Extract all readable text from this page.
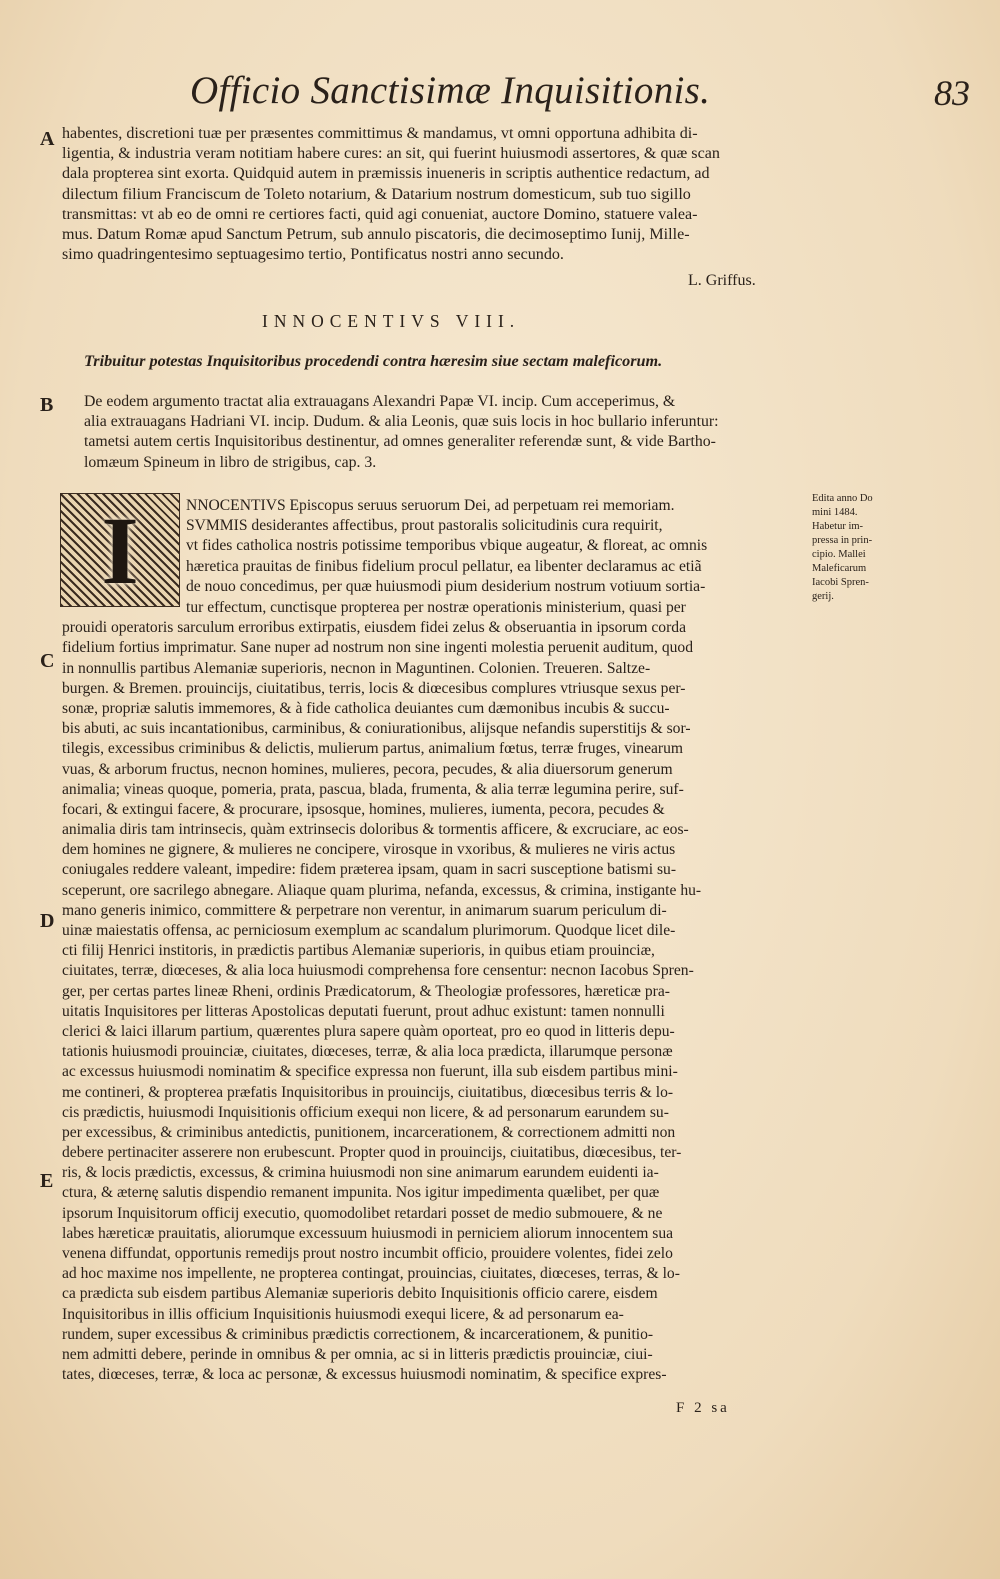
Officio Sanctisimæ Inquisitionis.	83
A habentes, discretioni tuæ per præsentes committimus & mandamus, vt omni opportuna adhibita di-
ligentia, & industria veram notitiam habere cures: an sit, qui fuerint huiusmodi assertores, & quæ scan
dala propterea sint exorta. Quidquid autem in præmissis inueneris in scriptis authentice redactum, ad
dilectum filium Franciscum de Toleto notarium, & Datarium nostrum domesticum, sub tuo sigillo
transmittas: vt ab eo de omni re certiores facti, quid agi conueniat, auctore Domino, statuere valea-
mus. Datum Romæ apud Sanctum Petrum, sub annulo piscatoris, die decimoseptimo Iunij, Mille-
simo quadringentesimo septuagesimo tertio, Pontificatus nostri anno secundo.
L. Griffus.
INNOCENTIVS VIII.
Tribuitur potestas Inquisitoribus procedendi contra hæresim siue sectam maleficorum.
B De eodem argumento tractat alia extrauagans Alexandri Papæ VI. incip. Cum acceperimus, &
alia extrauagans Hadriani VI. incip. Dudum. & alia Leonis, quæ suis locis in hoc bullario inferuntur:
tametsi autem certis Inquisitoribus destinentur, ad omnes generaliter referendæ sunt, & vide Bartho-
lomæum Spineum in libro de strigibus, cap. 3.
I	NNOCENTIVS Episcopus seruus seruorum Dei, ad perpetuam rei memoriam.
SVMMIS desiderantes affectibus, prout pastoralis solicitudinis cura requirit,
vt fides catholica nostris potissime temporibus vbique augeatur, & floreat, ac omnis
hæretica prauitas de finibus fidelium procul pellatur, ea libenter declaramus ac etiã
de nouo concedimus, per quæ huiusmodi pium desiderium nostrum votiuum sortia-
Edita anno Do
mini 1484.
Habetur im-
pressa in prin-
cipio. Mallei
Maleficarum
Iacobi Spren-
gerij.
C
D
E
tur effectum, cunctisque propterea per nostræ operationis ministerium, quasi per
prouidi operatoris sarculum erroribus extirpatis, eiusdem fidei zelus & obseruantia in ipsorum corda
fidelium fortius imprimatur. Sane nuper ad nostrum non sine ingenti molestia peruenit auditum, quod
in nonnullis partibus Alemaniæ superioris, necnon in Maguntinen. Colonien. Treueren. Saltze-
burgen. & Bremen. prouincijs, ciuitatibus, terris, locis & diœcesibus complures vtriusque sexus per-
sonæ, propriæ salutis immemores, & à fide catholica deuiantes cum dæmonibus incubis & succu-
bis abuti, ac suis incantationibus, carminibus, & coniurationibus, alijsque nefandis superstitijs & sor-
tilegis, excessibus criminibus & delictis, mulierum partus, animalium fœtus, terræ fruges, vinearum
vuas, & arborum fructus, necnon homines, mulieres, pecora, pecudes, & alia diuersorum generum
animalia; vineas quoque, pomeria, prata, pascua, blada, frumenta, & alia terræ legumina perire, suf-
focari, & extingui facere, & procurare, ipsosque, homines, mulieres, iumenta, pecora, pecudes &
animalia diris tam intrinsecis, quàm extrinsecis doloribus & tormentis afficere, & excruciare, ac eos-
dem homines ne gignere, & mulieres ne concipere, virosque in vxoribus, & mulieres ne viris actus
coniugales reddere valeant, impedire: fidem præterea ipsam, quam in sacri susceptione batismi su-
sceperunt, ore sacrilego abnegare. Aliaque quam plurima, nefanda, excessus, & crimina, instigante hu-
mano generis inimico, committere & perpetrare non verentur, in animarum suarum periculum di-
uinæ maiestatis offensa, ac perniciosum exemplum ac scandalum plurimorum. Quodque licet dile-
cti filij Henrici institoris, in prædictis partibus Alemaniæ superioris, in quibus etiam prouinciæ,
ciuitates, terræ, diœceses, & alia loca huiusmodi comprehensa fore censentur: necnon Iacobus Spren-
ger, per certas partes lineæ Rheni, ordinis Prædicatorum, & Theologiæ professores, hæreticæ pra-
uitatis Inquisitores per litteras Apostolicas deputati fuerunt, prout adhuc existunt: tamen nonnulli
clerici & laici illarum partium, quærentes plura sapere quàm oporteat, pro eo quod in litteris depu-
tationis huiusmodi prouinciæ, ciuitates, diœceses, terræ, & alia loca prædicta, illarumque personæ
ac excessus huiusmodi nominatim & specifice expressa non fuerunt, illa sub eisdem partibus mini-
me contineri, & propterea præfatis Inquisitoribus in prouincijs, ciuitatibus, diœcesibus terris & lo-
cis prædictis, huiusmodi Inquisitionis officium exequi non licere, & ad personarum earundem su-
per excessibus, & criminibus antedictis, punitionem, incarcerationem, & correctionem admitti non
debere pertinaciter asserere non erubescunt. Propter quod in prouincijs, ciuitatibus, diœcesibus, ter-
ris, & locis prædictis, excessus, & crimina huiusmodi non sine animarum earundem euidenti ia-
ctura, & æternę salutis dispendio remanent impunita. Nos igitur impedimenta quælibet, per quæ
ipsorum Inquisitorum officij executio, quomodolibet retardari posset de medio submouere, & ne
labes hæreticæ prauitatis, aliorumque excessuum huiusmodi in perniciem aliorum innocentem sua
venena diffundat, opportunis remedijs prout nostro incumbit officio, prouidere volentes, fidei zelo
ad hoc maxime nos impellente, ne propterea contingat, prouincias, ciuitates, diœceses, terras, & lo-
ca prædicta sub eisdem partibus Alemaniæ superioris debito Inquisitionis officio carere, eisdem
Inquisitoribus in illis officium Inquisitionis huiusmodi exequi licere, & ad personarum ea-
rundem, super excessibus & criminibus prædictis correctionem, & incarcerationem, & punitio-
nem admitti debere, perinde in omnibus & per omnia, ac si in litteris prædictis prouinciæ, ciui-
tates, diœceses, terræ, & loca ac personæ, & excessus huiusmodi nominatim, & specifice expres-
F 2 sa
